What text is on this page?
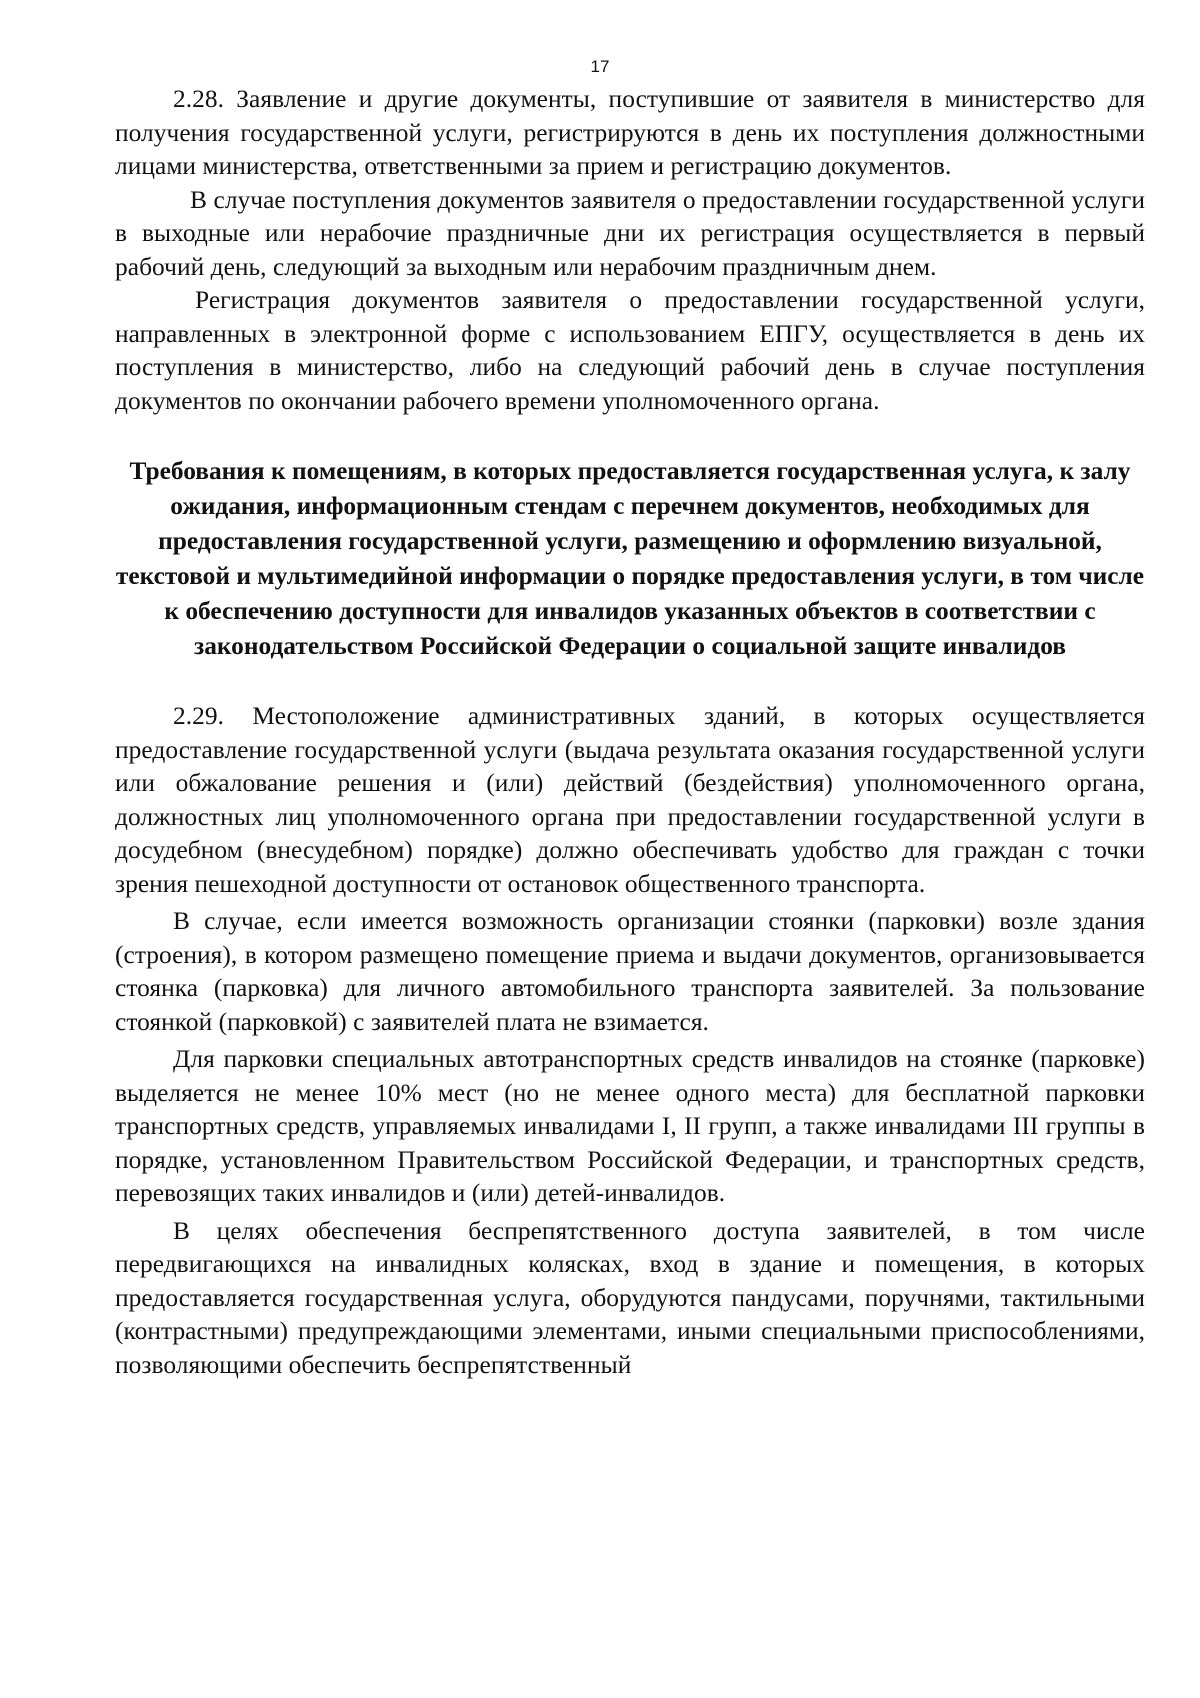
17

2.28. Заявление и другие документы, поступившие от заявителя в министерство для получения государственной услуги, регистрируются в день их поступления должностными лицами министерства, ответственными за прием и регистрацию документов.

В случае поступления документов заявителя о предоставлении государственной услуги в выходные или нерабочие праздничные дни их регистрация осуществляется в первый рабочий день, следующий за выходным или нерабочим праздничным днем.

Регистрация документов заявителя о предоставлении государственной услуги, направленных в электронной форме с использованием ЕПГУ, осуществляется в день их поступления в министерство, либо на следующий рабочий день в случае поступления документов по окончании рабочего времени уполномоченного органа.

Требования к помещениям, в которых предоставляется государственная услуга, к залу ожидания, информационным стендам с перечнем документов, необходимых для предоставления государственной услуги, размещению и оформлению визуальной, текстовой и мультимедийной информации о порядке предоставления услуги, в том числе к обеспечению доступности для инвалидов указанных объектов в соответствии с законодательством Российской Федерации о социальной защите инвалидов

2.29. Местоположение административных зданий, в которых осуществляется предоставление государственной услуги (выдача результата оказания государственной услуги или обжалование решения и (или) действий (бездействия) уполномоченного органа, должностных лиц уполномоченного органа при предоставлении государственной услуги в досудебном (внесудебном) порядке) должно обеспечивать удобство для граждан с точки зрения пешеходной доступности от остановок общественного транспорта.

В случае, если имеется возможность организации стоянки (парковки) возле здания (строения), в котором размещено помещение приема и выдачи документов, организовывается стоянка (парковка) для личного автомобильного транспорта заявителей. За пользование стоянкой (парковкой) с заявителей плата не взимается.

Для парковки специальных автотранспортных средств инвалидов на стоянке (парковке) выделяется не менее 10% мест (но не менее одного места) для бесплатной парковки транспортных средств, управляемых инвалидами I, II групп, а также инвалидами III группы в порядке, установленном Правительством Российской Федерации, и транспортных средств, перевозящих таких инвалидов и (или) детей-инвалидов.

В целях обеспечения беспрепятственного доступа заявителей, в том числе передвигающихся на инвалидных колясках, вход в здание и помещения, в которых предоставляется государственная услуга, оборудуются пандусами, поручнями, тактильными (контрастными) предупреждающими элементами, иными специальными приспособлениями, позволяющими обеспечить беспрепятственный
